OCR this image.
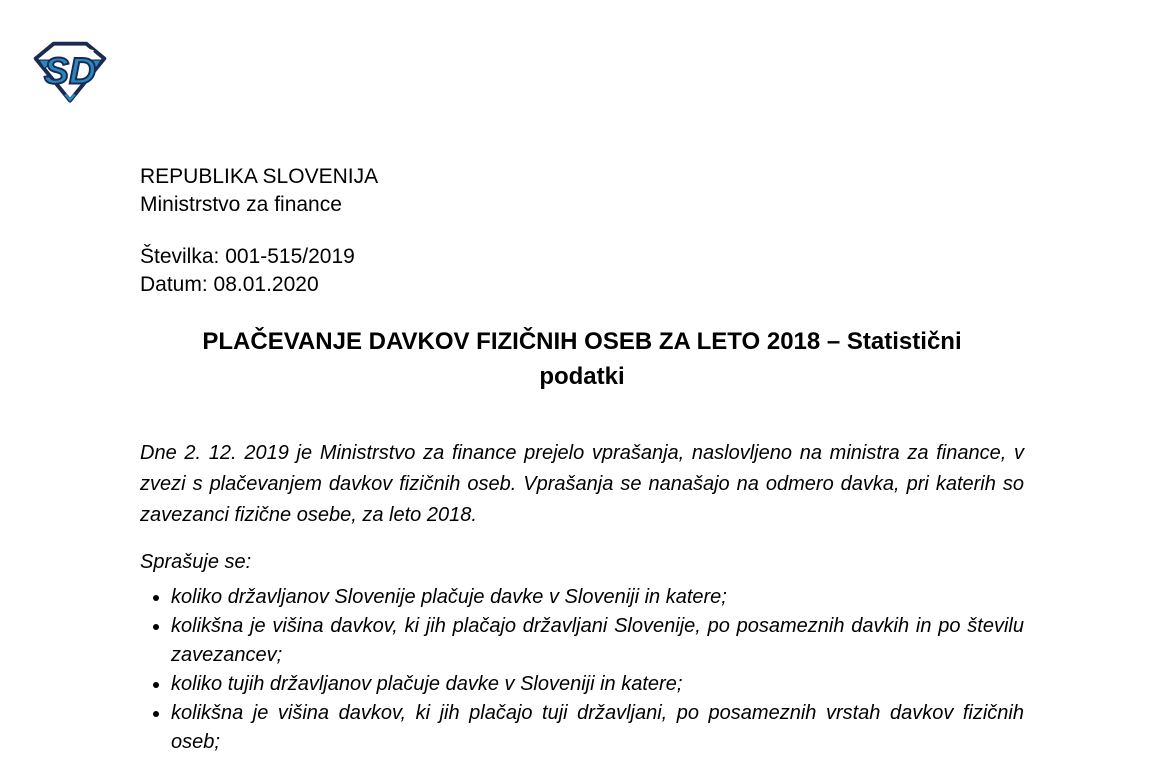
SD

REPUBLIKA SLOVENIJA

Ministrstvo za finance

Številka: 001-515/2019

Datum: 08.01.2020

PLAČEVANJE DAVKOV FIZIČNIH OSEB ZA LETO 2018 – Statistični
podatki

Dne 2. 12. 2019 je Ministrstvo za finance prejelo vprašanja, naslovljeno na ministra za finance, v zvezi s plačevanjem davkov fizičnih oseb. Vprašanja se nanašajo na odmero davka, pri katerih so zavezanci fizične osebe, za leto 2018.

Sprašuje se:

• koliko državljanov Slovenije plačuje davke v Sloveniji in katere;
• kolikšna je višina davkov, ki jih plačajo državljani Slovenije, po posameznih davkih in po številu zavezancev;
• koliko tujih državljanov plačuje davke v Sloveniji in katere;
• kolikšna je višina davkov, ki jih plačajo tuji državljani, po posameznih vrstah davkov fizičnih oseb;
